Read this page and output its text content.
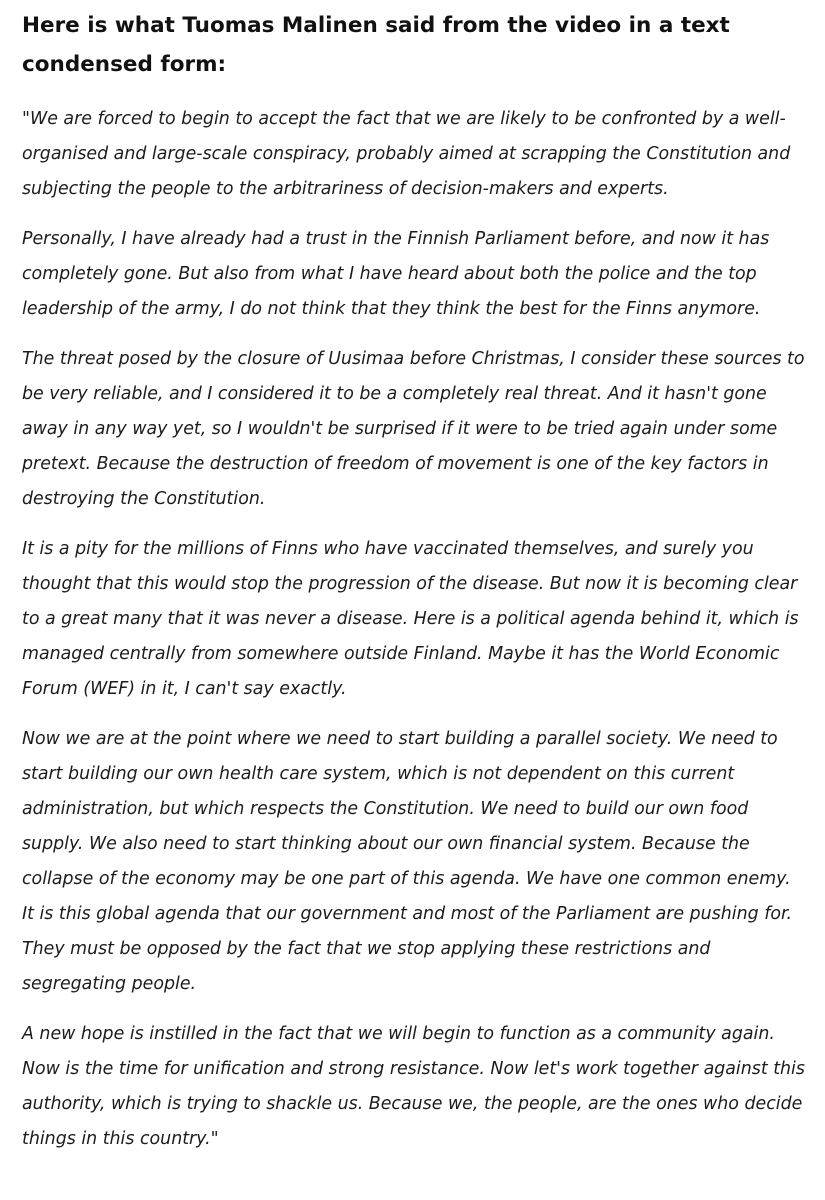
Here is what Tuomas Malinen said from the video in a text condensed form:

"We are forced to begin to accept the fact that we are likely to be confronted by a well-organised and large-scale conspiracy, probably aimed at scrapping the Constitution and subjecting the people to the arbitrariness of decision-makers and experts.

Personally, I have already had a trust in the Finnish Parliament before, and now it has completely gone. But also from what I have heard about both the police and the top leadership of the army, I do not think that they think the best for the Finns anymore.

The threat posed by the closure of Uusimaa before Christmas, I consider these sources to be very reliable, and I considered it to be a completely real threat. And it hasn't gone away in any way yet, so I wouldn't be surprised if it were to be tried again under some pretext. Because the destruction of freedom of movement is one of the key factors in destroying the Constitution.

It is a pity for the millions of Finns who have vaccinated themselves, and surely you thought that this would stop the progression of the disease. But now it is becoming clear to a great many that it was never a disease. Here is a political agenda behind it, which is managed centrally from somewhere outside Finland. Maybe it has the World Economic Forum (WEF) in it, I can't say exactly.

Now we are at the point where we need to start building a parallel society. We need to start building our own health care system, which is not dependent on this current administration, but which respects the Constitution. We need to build our own food supply. We also need to start thinking about our own financial system. Because the collapse of the economy may be one part of this agenda. We have one common enemy. It is this global agenda that our government and most of the Parliament are pushing for. They must be opposed by the fact that we stop applying these restrictions and segregating people.

A new hope is instilled in the fact that we will begin to function as a community again. Now is the time for unification and strong resistance. Now let's work together against this authority, which is trying to shackle us. Because we, the people, are the ones who decide things in this country."
